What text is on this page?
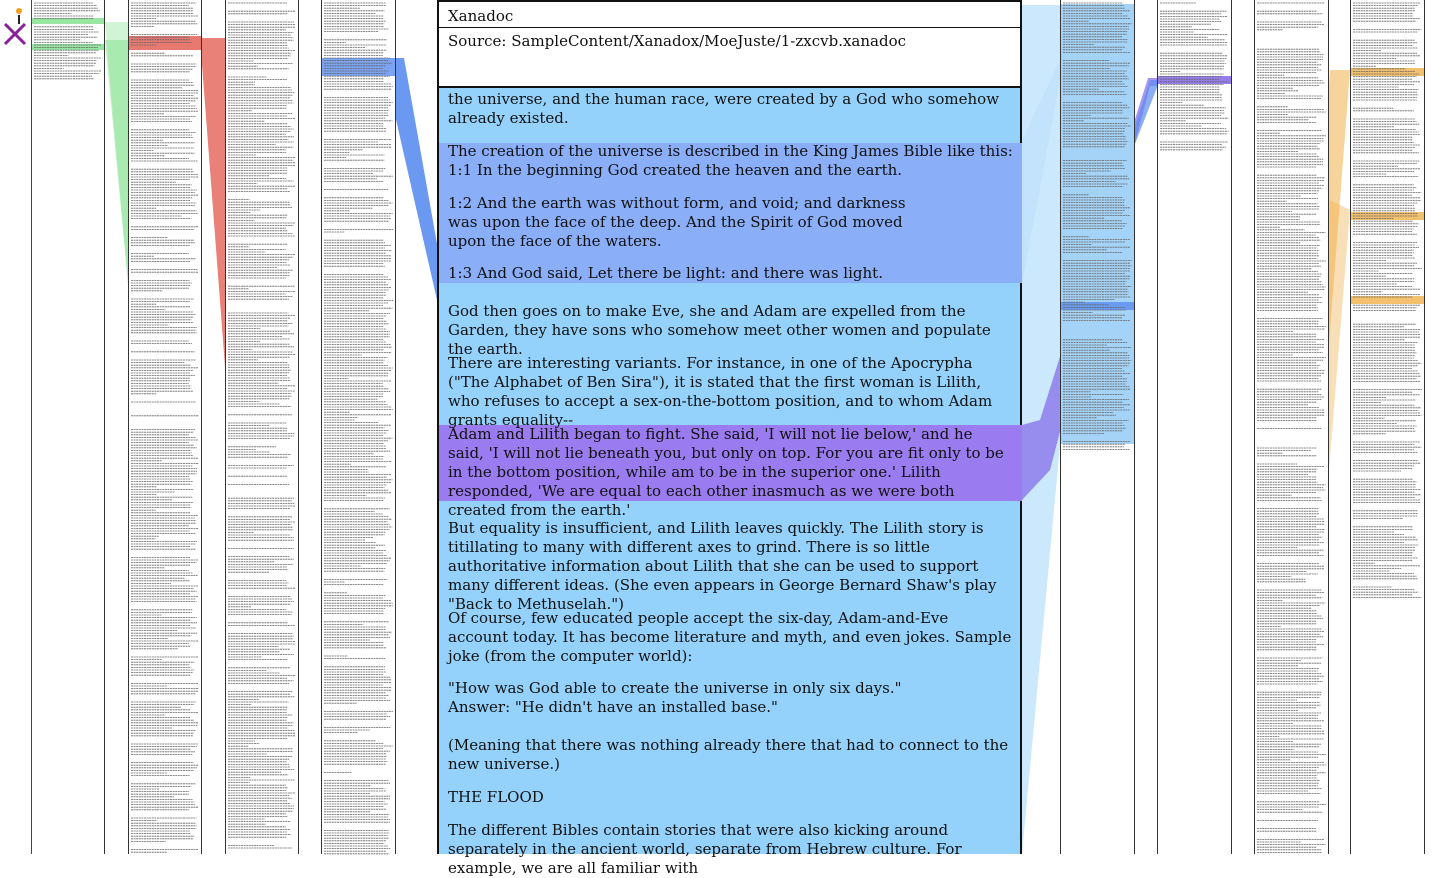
Xanadoc
Source: SampleContent/Xanadox/MoeJuste/1-zxcvb.xanadoc

the universe, and the human race, were created by a God who somehow already existed.

The creation of the universe is described in the King James Bible like this:

1:1 In the beginning God created the heaven and the earth.

1:2 And the earth was without form, and void; and darkness was upon the face of the deep. And the Spirit of God moved upon the face of the waters.

1:3 And God said, Let there be light: and there was light.

God then goes on to make Eve, she and Adam are expelled from the Garden, they have sons who somehow meet other women and populate the earth.

There are interesting variants. For instance, in one of the Apocrypha ("The Alphabet of Ben Sira"), it is stated that the first woman is Lilith, who refuses to accept a sex-on-the-bottom position, and to whom Adam grants equality--

Adam and Lilith began to fight. She said, 'I will not lie below,' and he said, 'I will not lie beneath you, but only on top. For you are fit only to be in the bottom position, while am to be in the superior one.' Lilith responded, 'We are equal to each other inasmuch as we were both created from the earth.'

But equality is insufficient, and Lilith leaves quickly. The Lilith story is titillating to many with different axes to grind. There is so little authoritative information about Lilith that she can be used to support many different ideas. (She even appears in George Bernard Shaw's play "Back to Methuselah.")

Of course, few educated people accept the six-day, Adam-and-Eve account today. It has become literature and myth, and even jokes. Sample joke (from the computer world):

"How was God able to create the universe in only six days."

Answer: "He didn't have an installed base."

(Meaning that there was nothing already there that had to connect to the new universe.)

THE FLOOD

The different Bibles contain stories that were also kicking around separately in the ancient world, separate from Hebrew culture. For example, we are all familiar with
